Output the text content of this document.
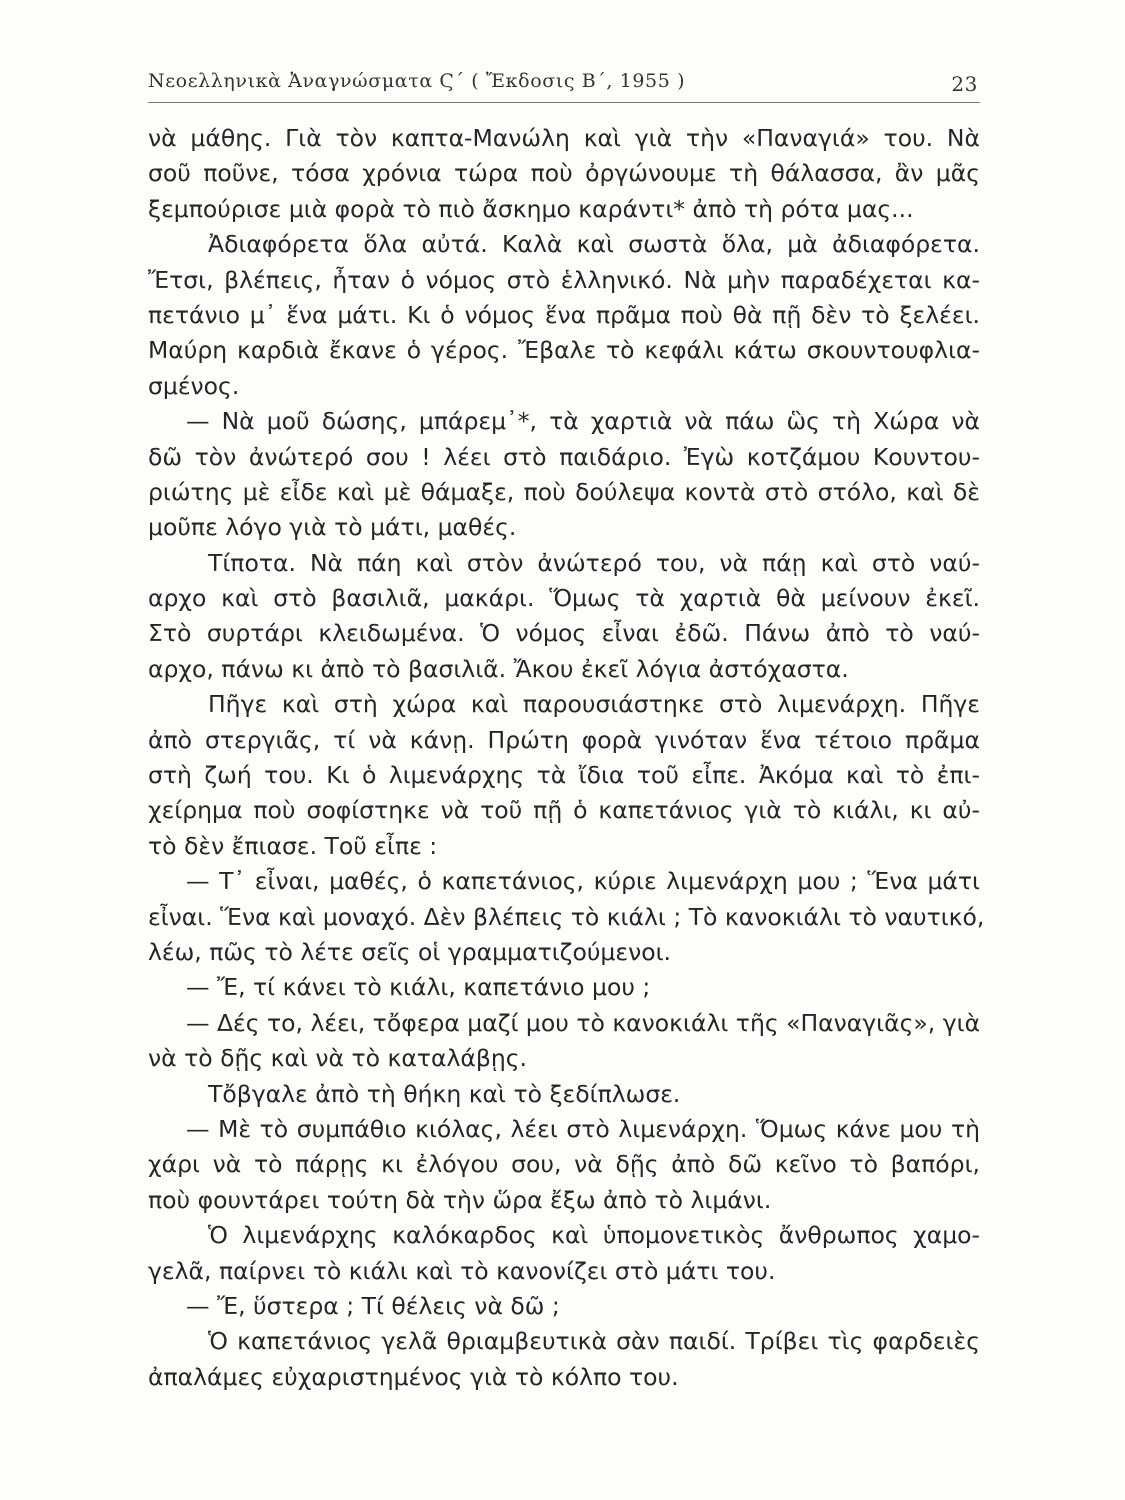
Νεοελληνικὰ Ἀναγνώσματα Ϛ΄ ( Ἔκδοσις Β΄, 1955 )	23
νὰ μάθης. Γιὰ τὸν καπτα-Μανώλη καὶ γιὰ τὴν «Παναγιά» του. Νὰ
σοῦ ποῦνε, τόσα χρόνια τώρα ποὺ ὀργώνουμε τὴ θάλασσα, ἂν μᾶς
ξεμπούρισε μιὰ φορὰ τὸ πιὸ ἄσκημο καράντι* ἀπὸ τὴ ρότα μας...
Ἀδιαφόρετα ὅλα αὐτά. Καλὰ καὶ σωστὰ ὅλα, μὰ ἀδιαφόρετα.
Ἔτσι, βλέπεις, ἦταν ὁ νόμος στὸ ἑλληνικό. Νὰ μὴν παραδέχεται κα-
πετάνιο μ᾿ ἕνα μάτι. Κι ὁ νόμος ἕνα πρᾶμα ποὺ θὰ πῇ δὲν τὸ ξελέει.
Μαύρη καρδιὰ ἔκανε ὁ γέρος. Ἔβαλε τὸ κεφάλι κάτω σκουντουφλια-
σμένος.
— Νὰ μοῦ δώσης, μπάρεμ᾿*, τὰ χαρτιὰ νὰ πάω ὣς τὴ Χώρα νὰ
δῶ τὸν ἀνώτερό σου ! λέει στὸ παιδάριο. Ἐγὼ κοτζάμου Κουντου-
ριώτης μὲ εἶδε καὶ μὲ θάμαξε, ποὺ δούλεψα κοντὰ στὸ στόλο, καὶ δὲ
μοῦπε λόγο γιὰ τὸ μάτι, μαθές.
Τίποτα. Νὰ πάη καὶ στὸν ἀνώτερό του, νὰ πάῃ καὶ στὸ ναύ-
αρχο καὶ στὸ βασιλιᾶ, μακάρι. Ὅμως τὰ χαρτιὰ θὰ μείνουν ἐκεῖ.
Στὸ συρτάρι κλειδωμένα. Ὁ νόμος εἶναι ἐδῶ. Πάνω ἀπὸ τὸ ναύ-
αρχο, πάνω κι ἀπὸ τὸ βασιλιᾶ. Ἄκου ἐκεῖ λόγια ἀστόχαστα.
Πῆγε καὶ στὴ χώρα καὶ παρουσιάστηκε στὸ λιμενάρχη. Πῆγε
ἀπὸ στεργιᾶς, τί νὰ κάνῃ. Πρώτη φορὰ γινόταν ἕνα τέτοιο πρᾶμα
στὴ ζωή του. Κι ὁ λιμενάρχης τὰ ἴδια τοῦ εἶπε. Ἀκόμα καὶ τὸ ἐπι-
χείρημα ποὺ σοφίστηκε νὰ τοῦ πῇ ὁ καπετάνιος γιὰ τὸ κιάλι, κι αὐ-
τὸ δὲν ἔπιασε. Τοῦ εἶπε :
— Τ᾿ εἶναι, μαθές, ὁ καπετάνιος, κύριε λιμενάρχη μου ; Ἕνα μάτι
εἶναι. Ἕνα καὶ μοναχό. Δὲν βλέπεις τὸ κιάλι ; Τὸ κανοκιάλι τὸ ναυτικό,
λέω, πῶς τὸ λέτε σεῖς οἱ γραμματιζούμενοι.
— Ἔ, τί κάνει τὸ κιάλι, καπετάνιο μου ;
— Δές το, λέει, τὄφερα μαζί μου τὸ κανοκιάλι τῆς «Παναγιᾶς», γιὰ
νὰ τὸ δῇς καὶ νὰ τὸ καταλάβῃς.
Τὄβγαλε ἀπὸ τὴ θήκη καὶ τὸ ξεδίπλωσε.
— Μὲ τὸ συμπάθιο κιόλας, λέει στὸ λιμενάρχη. Ὅμως κάνε μου τὴ
χάρι νὰ τὸ πάρῃς κι ἐλόγου σου, νὰ δῇς ἀπὸ δῶ κεῖνο τὸ βαπόρι,
ποὺ φουντάρει τούτη δὰ τὴν ὥρα ἔξω ἀπὸ τὸ λιμάνι.
Ὁ λιμενάρχης καλόκαρδος καὶ ὑπομονετικὸς ἄνθρωπος χαμο-
γελᾶ, παίρνει τὸ κιάλι καὶ τὸ κανονίζει στὸ μάτι του.
— Ἔ, ὕστερα ; Τί θέλεις νὰ δῶ ;
Ὁ καπετάνιος γελᾶ θριαμβευτικὰ σὰν παιδί. Τρίβει τὶς φαρδειὲς
ἀπαλάμες εὐχαριστημένος γιὰ τὸ κόλπο του.
